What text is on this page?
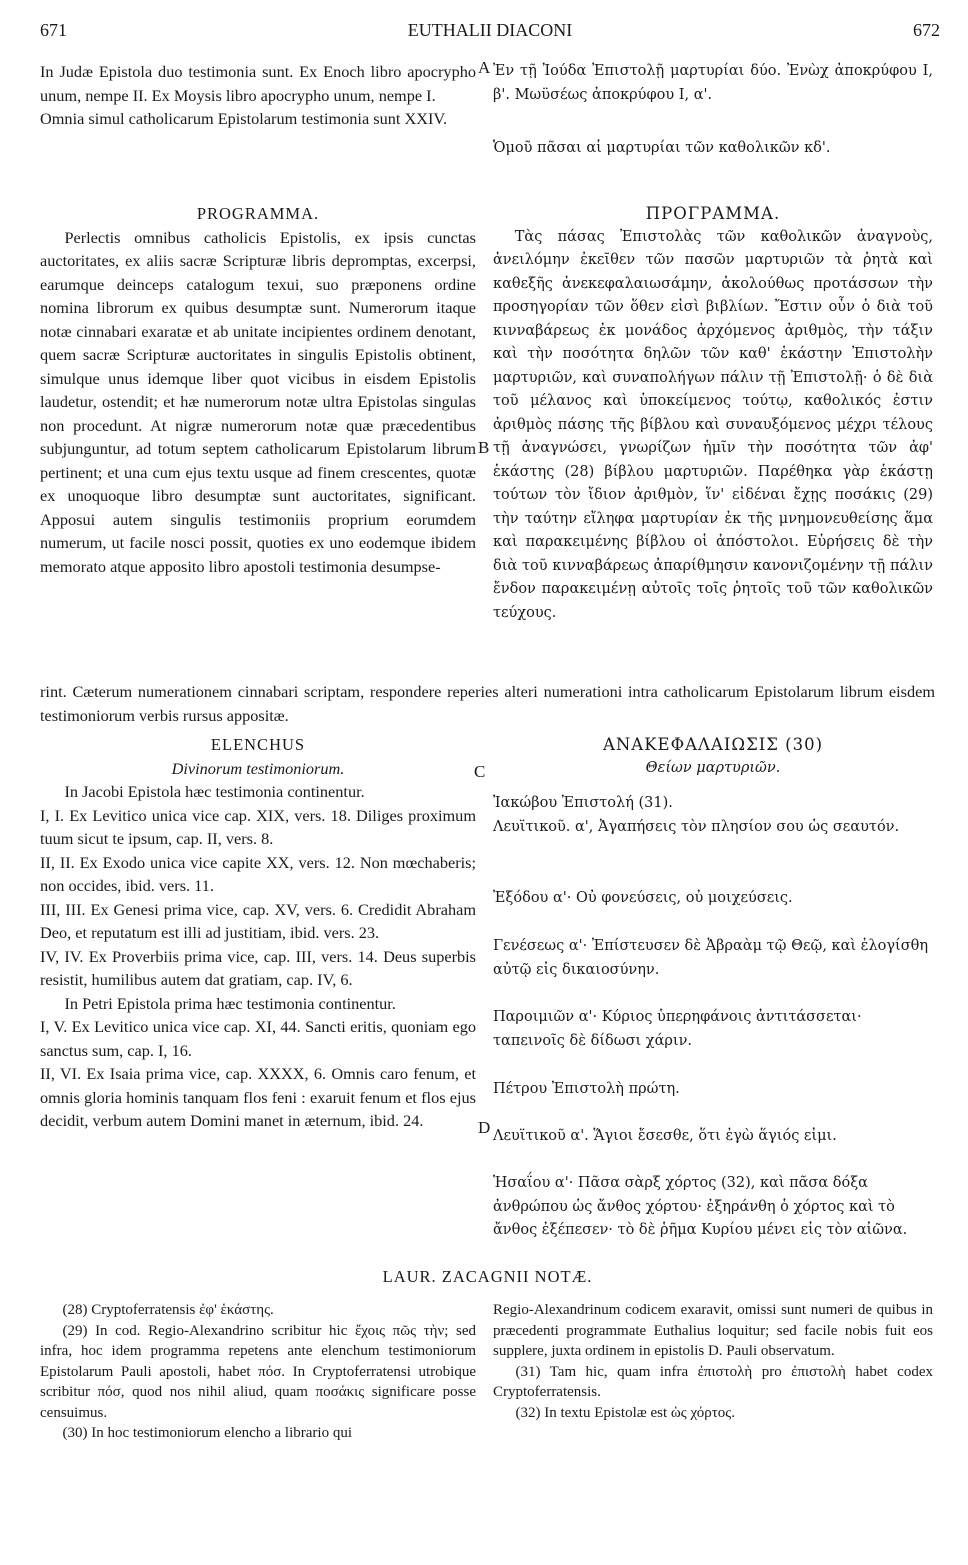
671	EUTHALII DIACONI	672
A
B
C
D

In Judæ Epistola duo testimonia sunt. Ex Enoch libro apocrypho unum, nempe II. Ex Moysis libro apocrypho unum, nempe I.

Omnia simul catholicarum Epistolarum testimonia sunt XXIV.

Ἐν τῇ Ἰούδα Ἐπιστολῇ μαρτυρίαι δύο. Ἐνὼχ ἀποκρύφου I, β'. Μωϋσέως ἀποκρύφου I, α'.

Ὁμοῦ πᾶσαι αἱ μαρτυρίαι τῶν καθολικῶν κδ'.

PROGRAMMA.

Perlectis omnibus catholicis Epistolis, ex ipsis cunctas auctoritates, ex aliis sacræ Scripturæ libris depromptas, excerpsi, earumque deinceps catalogum texui, suo præponens ordine nomina librorum ex quibus desumptæ sunt. Numerorum itaque notæ cinnabari exaratæ et ab unitate incipientes ordinem denotant, quem sacræ Scripturæ auctoritates in singulis Epistolis obtinent, simulque unus idemque liber quot vicibus in eisdem Epistolis laudetur, ostendit; et hæ numerorum notæ ultra Epistolas singulas non procedunt. At nigræ numerorum notæ quæ præcedentibus subjunguntur, ad totum septem catholicarum Epistolarum librum pertinent; et una cum ejus textu usque ad finem crescentes, quotæ ex unoquoque libro desumptæ sunt auctoritates, significant. Apposui autem singulis testimoniis proprium eorumdem numerum, ut facile nosci possit, quoties ex uno eodemque ibidem memorato atque apposito libro apostoli testimonia desumpse-

ΠΡΟΓΡΑΜΜΑ.

Τὰς πάσας Ἐπιστολὰς τῶν καθολικῶν ἀναγνοὺς, ἀνειλόμην ἐκεῖθεν τῶν πασῶν μαρτυριῶν τὰ ῥητὰ καὶ καθεξῆς ἀνεκεφαλαιωσάμην, ἀκολούθως προτάσσων τὴν προσηγορίαν τῶν ὅθεν εἰσὶ βιβλίων. Ἔστιν οὖν ὁ διὰ τοῦ κινναβάρεως ἐκ μονάδος ἀρχόμενος ἀριθμὸς, τὴν τάξιν καὶ τὴν ποσότητα δηλῶν τῶν καθ' ἑκάστην Ἐπιστολὴν μαρτυριῶν, καὶ συναπολήγων πάλιν τῇ Ἐπιστολῇ· ὁ δὲ διὰ τοῦ μέλανος καὶ ὑποκείμενος τούτῳ, καθολικός ἐστιν ἀριθμὸς πάσης τῆς βίβλου καὶ συναυξόμενος μέχρι τέλους τῇ ἀναγνώσει, γνωρίζων ἡμῖν τὴν ποσότητα τῶν ἀφ' ἑκάστης (28) βίβλου μαρτυριῶν. Παρέθηκα γὰρ ἑκάστῃ τούτων τὸν ἴδιον ἀριθμὸν, ἵν' εἰδέναι ἔχῃς ποσάκις (29) τὴν ταύτην εἴληφα μαρτυρίαν ἐκ τῆς μνημονευθείσης ἅμα καὶ παρακειμένης βίβλου οἱ ἀπόστολοι. Εὑρήσεις δὲ τὴν διὰ τοῦ κινναβάρεως ἀπαρίθμησιν κανονιζομένην τῇ πάλιν ἔνδον παρακειμένῃ αὐτοῖς τοῖς ῥητοῖς τοῦ τῶν καθολικῶν τεύχους.

rint. Cæterum numerationem cinnabari scriptam, respondere reperies alteri numerationi intra catholicarum Epistolarum librum eisdem testimoniorum verbis rursus appositæ.

ELENCHUS
Divinorum testimoniorum.

In Jacobi Epistola hæc testimonia continentur.

I, I. Ex Levitico unica vice cap. XIX, vers. 18. Diliges proximum tuum sicut te ipsum, cap. II, vers. 8.

II, II. Ex Exodo unica vice capite XX, vers. 12. Non mœchaberis; non occides, ibid. vers. 11.

III, III. Ex Genesi prima vice, cap. XV, vers. 6. Credidit Abraham Deo, et reputatum est illi ad justitiam, ibid. vers. 23.

IV, IV. Ex Proverbiis prima vice, cap. III, vers. 14. Deus superbis resistit, humilibus autem dat gratiam, cap. IV, 6.

In Petri Epistola prima hæc testimonia continentur.

I, V. Ex Levitico unica vice cap. XI, 44. Sancti eritis, quoniam ego sanctus sum, cap. I, 16.

II, VI. Ex Isaia prima vice, cap. XXXX, 6. Omnis caro fenum, et omnis gloria hominis tanquam flos feni : exaruit fenum et flos ejus decidit, verbum autem Domini manet in æternum, ibid. 24.

ΑΝΑΚΕΦΑΛΑΙΩΣΙΣ (30)
Θείων μαρτυριῶν.
Ἰακώβου Ἐπιστολή (31).
Λευϊτικοῦ. α', Ἀγαπήσεις τὸν πλησίον σου ὡς σεαυτόν.
Ἐξόδου α'· Οὐ φονεύσεις, οὐ μοιχεύσεις.
Γενέσεως α'· Ἐπίστευσεν δὲ Ἀβραὰμ τῷ Θεῷ, καὶ ἐλογίσθη αὐτῷ εἰς δικαιοσύνην.
Παροιμιῶν α'· Κύριος ὑπερηφάνοις ἀντιτάσσεται· ταπεινοῖς δὲ δίδωσι χάριν.
Πέτρου Ἐπιστολὴ πρώτη.
Λευϊτικοῦ α'. Ἅγιοι ἔσεσθε, ὅτι ἐγὼ ἅγιός εἰμι.
Ἡσαΐου α'· Πᾶσα σὰρξ χόρτος (32), καὶ πᾶσα δόξα ἀνθρώπου ὡς ἄνθος χόρτου· ἐξηράνθη ὁ χόρτος καὶ τὸ ἄνθος ἐξέπεσεν· τὸ δὲ ῥῆμα Κυρίου μένει εἰς τὸν αἰῶνα.
LAUR. ZACAGNII NOTÆ.

(28) Cryptoferratensis ἐφ' ἑκάστης.

(29) In cod. Regio-Alexandrino scribitur hic ἔχοις πῶς τὴν; sed infra, hoc idem programma repetens ante elenchum testimoniorum Epistolarum Pauli apostoli, habet πόσ. In Cryptoferratensi utrobique scribitur πόσ, quod nos nihil aliud, quam ποσάκις significare posse censuimus.

(30) In hoc testimoniorum elencho a librario qui

Regio-Alexandrinum codicem exaravit, omissi sunt numeri de quibus in præcedenti programmate Euthalius loquitur; sed facile nobis fuit eos supplere, juxta ordinem in epistolis D. Pauli observatum.

(31) Tam hic, quam infra ἐπιστολὴ pro ἐπιστολὴ habet codex Cryptoferratensis.

(32) In textu Epistolæ est ὡς χόρτος.
